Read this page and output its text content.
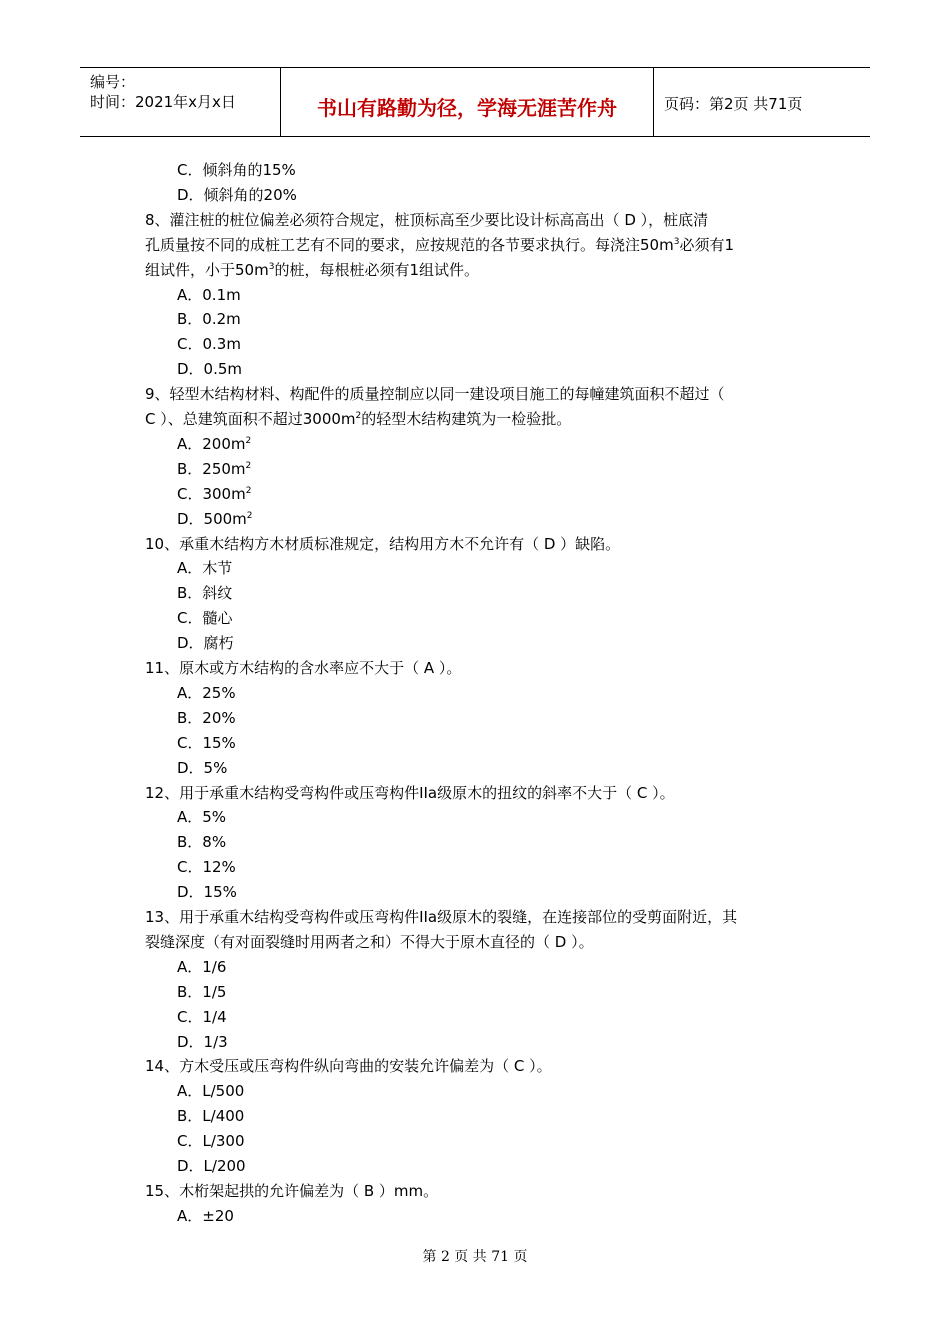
编号：
时间：2021年x月x日	书山有路勤为径，学海无涯苦作舟	页码：第2页 共71页
C．倾斜角的15%
D．倾斜角的20%
8、灌注桩的桩位偏差必须符合规定，桩顶标高至少要比设计标高高出（ D ），桩底清
孔质量按不同的成桩工艺有不同的要求，应按规范的各节要求执行。每浇注$50m^3$必须有1
组试件，小于$50m^3$的桩，每根桩必须有1组试件。
A．0.1m
B．0.2m
C．0.3m
D．0.5m
9、轻型木结构材料、构配件的质量控制应以同一建设项目施工的每幢建筑面积不超过（
C ）、总建筑面积不超过$3000m^2$的轻型木结构建筑为一检验批。
A．$200m^2$
B．$250m^2$
C．$300m^2$
D．$500m^2$
10、承重木结构方木材质标准规定，结构用方木不允许有（ D ）缺陷。
A．木节
B．斜纹
C．髓心
D．腐朽
11、原木或方木结构的含水率应不大于（ A ）。
A．25%
B．20%
C．15%
D．5%
12、用于承重木结构受弯构件或压弯构件IIa级原木的扭纹的斜率不大于（ C ）。
A．5%
B．8%
C．12%
D．15%
13、用于承重木结构受弯构件或压弯构件IIa级原木的裂缝，在连接部位的受剪面附近，其
裂缝深度（有对面裂缝时用两者之和）不得大于原木直径的（ D ）。
A．1/6
B．1/5
C．1/4
D．1/3
14、方木受压或压弯构件纵向弯曲的安装允许偏差为（ C ）。
A．L/500
B．L/400
C．L/300
D．L/200
15、木桁架起拱的允许偏差为（ B ）mm。
A．±20
第 2 页 共 71 页
